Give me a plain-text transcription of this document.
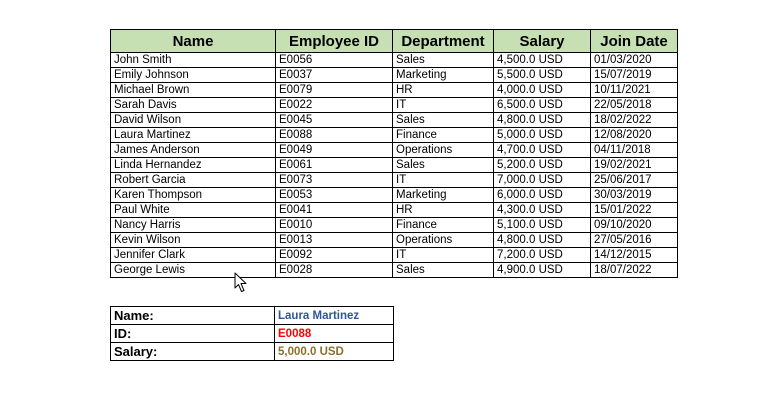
Name	Employee ID	Department	Salary	Join Date
John Smith	E0056	Sales	4,500.0 USD	01/03/2020
Emily Johnson	E0037	Marketing	5,500.0 USD	15/07/2019
Michael Brown	E0079	HR	4,000.0 USD	10/11/2021
Sarah Davis	E0022	IT	6,500.0 USD	22/05/2018
David Wilson	E0045	Sales	4,800.0 USD	18/02/2022
Laura Martinez	E0088	Finance	5,000.0 USD	12/08/2020
James Anderson	E0049	Operations	4,700.0 USD	04/11/2018
Linda Hernandez	E0061	Sales	5,200.0 USD	19/02/2021
Robert Garcia	E0073	IT	7,000.0 USD	25/06/2017
Karen Thompson	E0053	Marketing	6,000.0 USD	30/03/2019
Paul White	E0041	HR	4,300.0 USD	15/01/2022
Nancy Harris	E0010	Finance	5,100.0 USD	09/10/2020
Kevin Wilson	E0013	Operations	4,800.0 USD	27/05/2016
Jennifer Clark	E0092	IT	7,200.0 USD	14/12/2015
George Lewis	E0028	Sales	4,900.0 USD	18/07/2022
Name:	Laura Martinez
ID:	E0088
Salary:	5,000.0 USD
